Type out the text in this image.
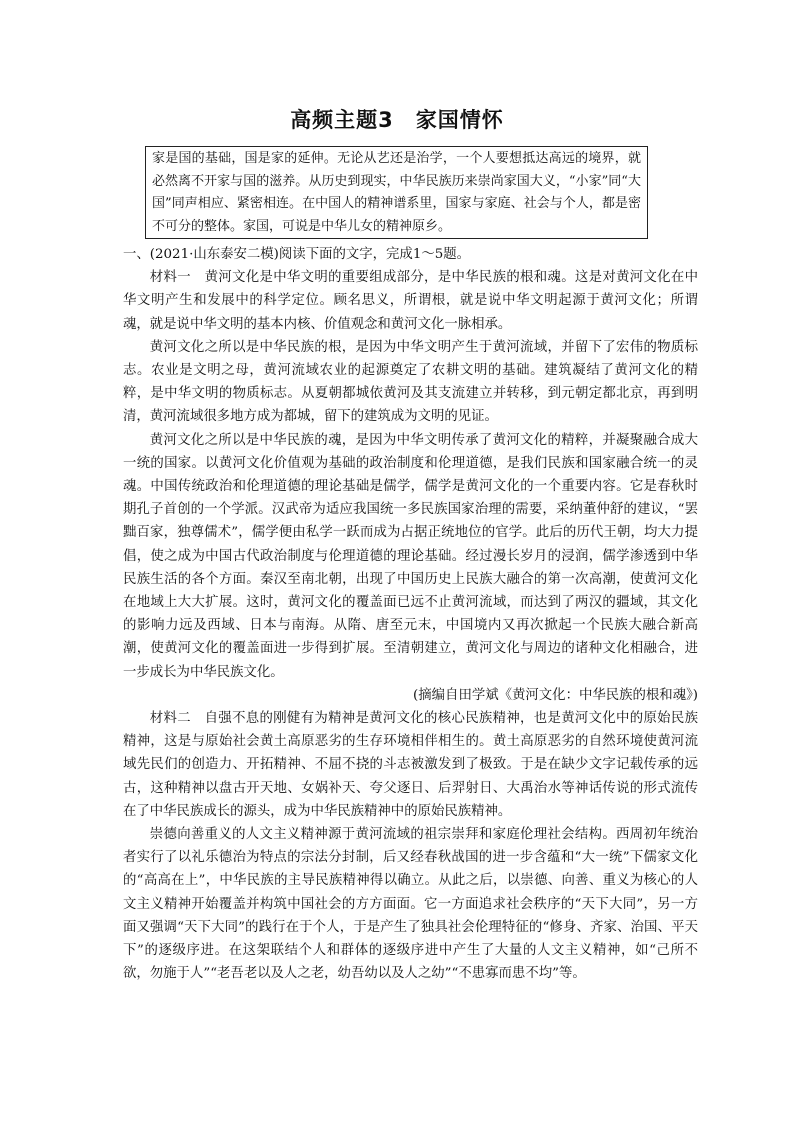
高频主题3　家国情怀
家是国的基础，国是家的延伸。无论从艺还是治学，一个人要想抵达高远的境界，就必然离不开家与国的滋养。从历史到现实，中华民族历来崇尚家国大义，“小家”同“大国”同声相应、紧密相连。在中国人的精神谱系里，国家与家庭、社会与个人，都是密不可分的整体。家国，可说是中华儿女的精神原乡。

一、(2021·山东泰安二模)阅读下面的文字，完成1～5题。

材料一　黄河文化是中华文明的重要组成部分，是中华民族的根和魂。这是对黄河文化在中华文明产生和发展中的科学定位。顾名思义，所谓根，就是说中华文明起源于黄河文化；所谓魂，就是说中华文明的基本内核、价值观念和黄河文化一脉相承。

黄河文化之所以是中华民族的根，是因为中华文明产生于黄河流域，并留下了宏伟的物质标志。农业是文明之母，黄河流域农业的起源奠定了农耕文明的基础。建筑凝结了黄河文化的精粹，是中华文明的物质标志。从夏朝都城依黄河及其支流建立并转移，到元朝定都北京，再到明清，黄河流域很多地方成为都城，留下的建筑成为文明的见证。

黄河文化之所以是中华民族的魂，是因为中华文明传承了黄河文化的精粹，并凝聚融合成大一统的国家。以黄河文化价值观为基础的政治制度和伦理道德，是我们民族和国家融合统一的灵魂。中国传统政治和伦理道德的理论基础是儒学，儒学是黄河文化的一个重要内容。它是春秋时期孔子首创的一个学派。汉武帝为适应我国统一多民族国家治理的需要，采纳董仲舒的建议，“罢黜百家，独尊儒术”，儒学便由私学一跃而成为占据正统地位的官学。此后的历代王朝，均大力提倡，使之成为中国古代政治制度与伦理道德的理论基础。经过漫长岁月的浸润，儒学渗透到中华民族生活的各个方面。秦汉至南北朝，出现了中国历史上民族大融合的第一次高潮，使黄河文化在地域上大大扩展。这时，黄河文化的覆盖面已远不止黄河流域，而达到了两汉的疆域，其文化的影响力远及西域、日本与南海。从隋、唐至元末，中国境内又再次掀起一个民族大融合新高潮，使黄河文化的覆盖面进一步得到扩展。至清朝建立，黄河文化与周边的诸种文化相融合，进一步成长为中华民族文化。

(摘编自田学斌《黄河文化：中华民族的根和魂》)

材料二　自强不息的刚健有为精神是黄河文化的核心民族精神，也是黄河文化中的原始民族精神，这是与原始社会黄土高原恶劣的生存环境相伴相生的。黄土高原恶劣的自然环境使黄河流域先民们的创造力、开拓精神、不屈不挠的斗志被激发到了极致。于是在缺少文字记载传承的远古，这种精神以盘古开天地、女娲补天、夸父逐日、后羿射日、大禹治水等神话传说的形式流传在了中华民族成长的源头，成为中华民族精神中的原始民族精神。

崇德向善重义的人文主义精神源于黄河流域的祖宗崇拜和家庭伦理社会结构。西周初年统治者实行了以礼乐德治为特点的宗法分封制，后又经春秋战国的进一步含蕴和“大一统”下儒家文化的“高高在上”，中华民族的主导民族精神得以确立。从此之后，以崇德、向善、重义为核心的人文主义精神开始覆盖并构筑中国社会的方方面面。它一方面追求社会秩序的“天下大同”，另一方面又强调“天下大同”的践行在于个人，于是产生了独具社会伦理特征的“修身、齐家、治国、平天下”的逐级序进。在这架联结个人和群体的逐级序进中产生了大量的人文主义精神，如“己所不欲，勿施于人”“老吾老以及人之老，幼吾幼以及人之幼”“不患寡而患不均”等。
